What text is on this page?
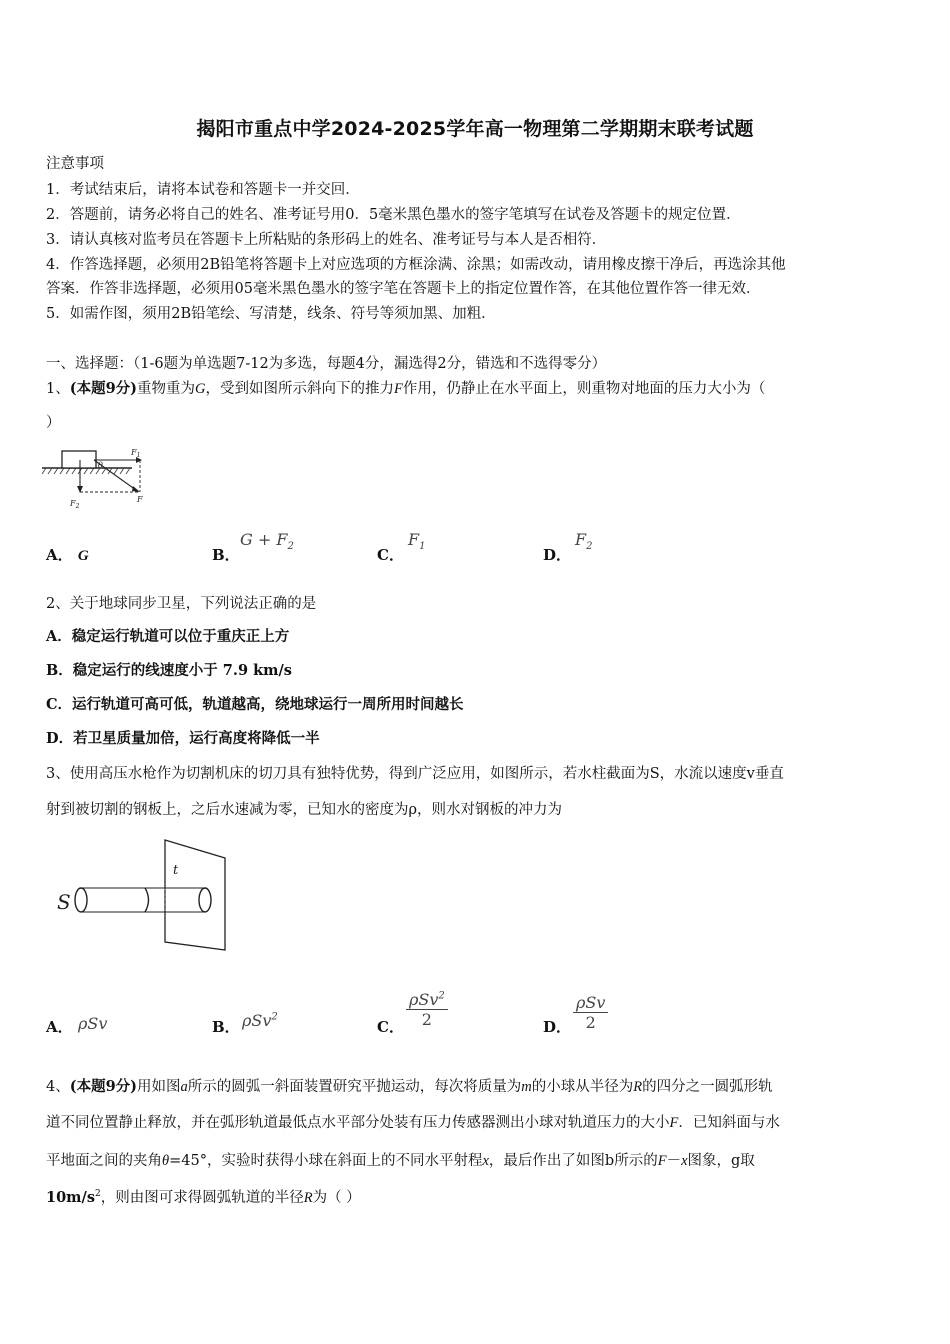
揭阳市重点中学2024-2025学年高一物理第二学期期末联考试题
注意事项
1．考试结束后，请将本试卷和答题卡一并交回．
2．答题前，请务必将自己的姓名、准考证号用0．5毫米黑色墨水的签字笔填写在试卷及答题卡的规定位置．
3．请认真核对监考员在答题卡上所粘贴的条形码上的姓名、准考证号与本人是否相符．
4．作答选择题，必须用2B铅笔将答题卡上对应选项的方框涂满、涂黑；如需改动，请用橡皮擦干净后，再选涂其他
答案．作答非选择题，必须用05毫米黑色墨水的签字笔在答题卡上的指定位置作答，在其他位置作答一律无效．
5．如需作图，须用2B铅笔绘、写清楚，线条、符号等须加黑、加粗．
一、选择题：（1-6题为单选题7-12为多选，每题4分，漏选得2分，错选和不选得零分）
1、(本题9分)重物重为G，受到如图所示斜向下的推力F作用，仍静止在水平面上，则重物对地面的压力大小为（
）
θ
$F_1$
$F_2$
F
A． G	B．
$G + F_2$	C．
$F_1$	D．
$F_2$
2、关于地球同步卫星，下列说法正确的是
A．稳定运行轨道可以位于重庆正上方
B．稳定运行的线速度小于 7.9 km/s
C．运行轨道可高可低，轨道越高，绕地球运行一周所用时间越长
D．若卫星质量加倍，运行高度将降低一半
3、使用高压水枪作为切割机床的切刀具有独特优势，得到广泛应用，如图所示，若水柱截面为S，水流以速度v垂直
射到被切割的钢板上，之后水速减为零，已知水的密度为ρ，则水对钢板的冲力为
S
t
A． ρSv	B． ρSv$^2$
C．
ρSv$^2$
2	D．
ρSv
2
4、(本题9分)用如图a所示的圆弧一斜面装置研究平抛运动，每次将质量为m的小球从半径为R的四分之一圆弧形轨
道不同位置静止释放，并在弧形轨道最低点水平部分处装有压力传感器测出小球对轨道压力的大小F．已知斜面与水
平地面之间的夹角θ=45°，实验时获得小球在斜面上的不同水平射程x，最后作出了如图b所示的F－x图象，g取
$10m/s^2$，则由图可求得圆弧轨道的半径R为（ ）
